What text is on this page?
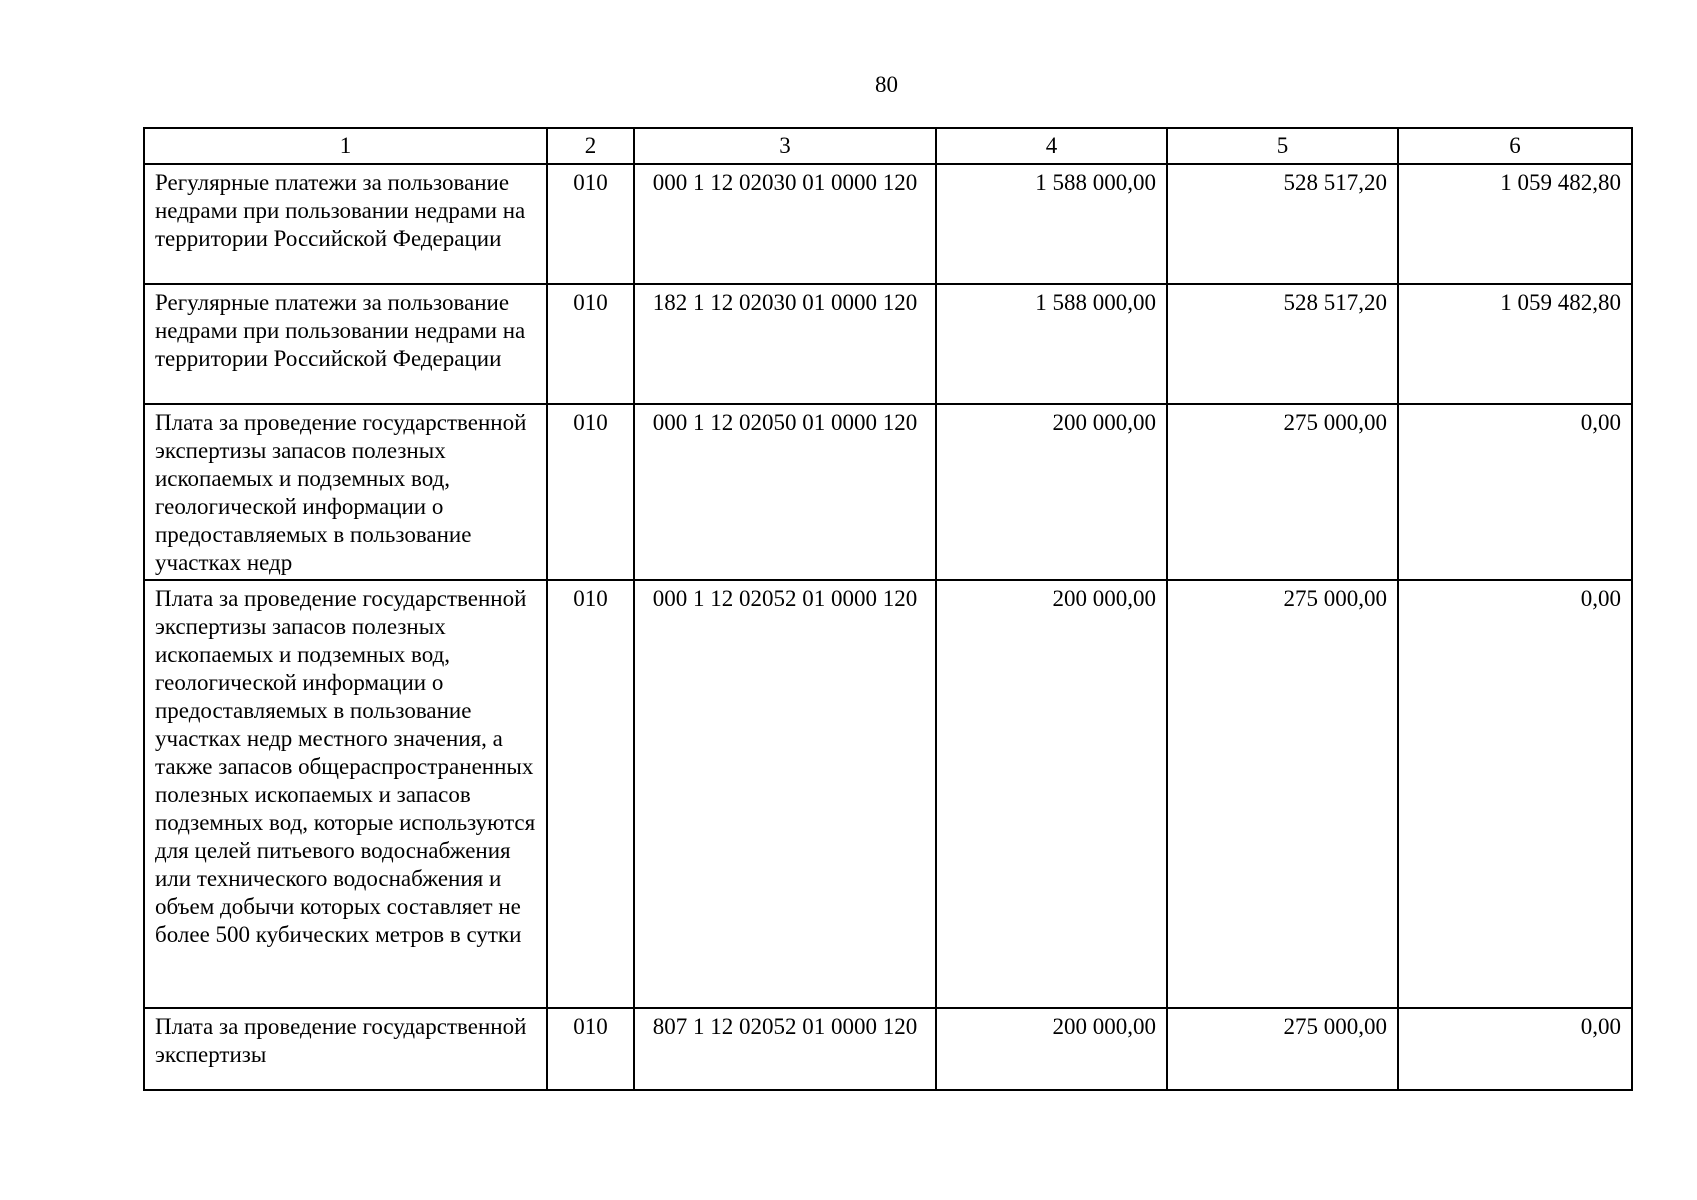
80
1	2	3	4	5	6
Регулярные платежи за пользование недрами при пользовании недрами на территории Российской Федерации	010	000 1 12 02030 01 0000 120	1 588 000,00	528 517,20	1 059 482,80
Регулярные платежи за пользование недрами при пользовании недрами на территории Российской Федерации	010	182 1 12 02030 01 0000 120	1 588 000,00	528 517,20	1 059 482,80
Плата за проведение государственной экспертизы запасов полезных ископаемых и подземных вод, геологической информации о предоставляемых в пользование участках недр	010	000 1 12 02050 01 0000 120	200 000,00	275 000,00	0,00
Плата за проведение государственной экспертизы запасов полезных ископаемых и подземных вод, геологической информации о предоставляемых в пользование участках недр местного значения, а также запасов общераспространенных полезных ископаемых и запасов подземных вод, которые используются для целей питьевого водоснабжения или технического водоснабжения и объем добычи которых составляет не более 500 кубических метров в сутки	010	000 1 12 02052 01 0000 120	200 000,00	275 000,00	0,00
Плата за проведение государственной экспертизы	010	807 1 12 02052 01 0000 120	200 000,00	275 000,00	0,00
